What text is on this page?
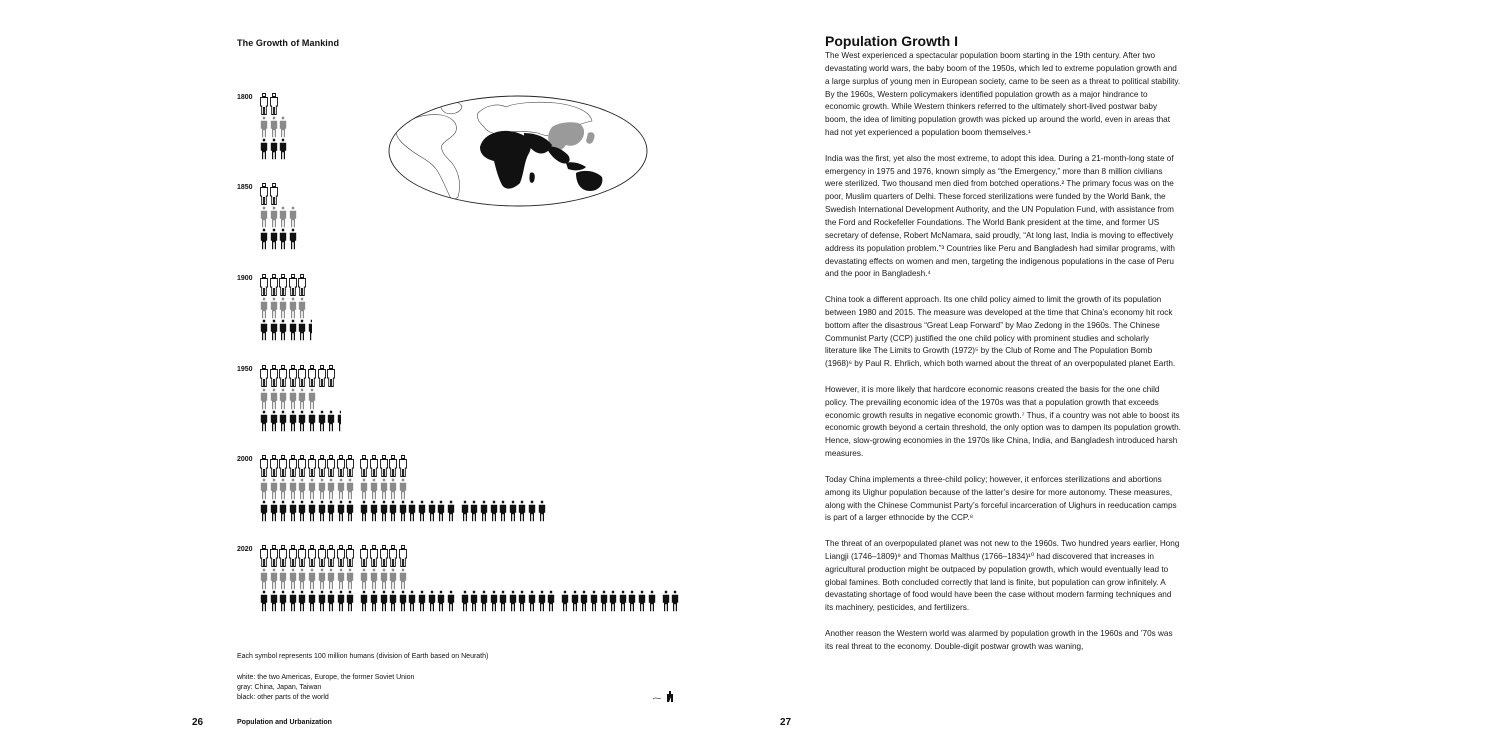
The Growth of Mankind
1800
1850
1900
1950
2000
2020
Each symbol represents 100 million humans (division of Earth based on Neurath)
white: the two Americas, Europe, the former Soviet Union
gray: China, Japan, Taiwan
black: other parts of the world
26	Population and Urbanization	27
Population Growth I

The West experienced a spectacular population boom starting in the 19th century. After two devastating world wars, the baby boom of the 1950s, which led to extreme population growth and a large surplus of young men in European society, came to be seen as a threat to political stability. By the 1960s, Western policymakers identified population growth as a major hindrance to economic growth. While Western thinkers referred to the ultimately short-lived postwar baby boom, the idea of limiting population growth was picked up around the world, even in areas that had not yet experienced a population boom themselves.¹

India was the first, yet also the most extreme, to adopt this idea. During a 21-month-long state of emergency in 1975 and 1976, known simply as “the Emergency,” more than 8 million civilians were sterilized. Two thousand men died from botched operations.² The primary focus was on the poor, Muslim quarters of Delhi. These forced sterilizations were funded by the World Bank, the Swedish International Development Authority, and the UN Population Fund, with assistance from the Ford and Rockefeller Foundations. The World Bank president at the time, and former US secretary of defense, Robert McNamara, said proudly, “At long last, India is moving to effectively address its population problem.”³ Countries like Peru and Bangladesh had similar programs, with devastating effects on women and men, targeting the indigenous populations in the case of Peru and the poor in Bangladesh.⁴

China took a different approach. Its one child policy aimed to limit the growth of its population between 1980 and 2015. The measure was developed at the time that China’s economy hit rock bottom after the disastrous “Great Leap Forward” by Mao Zedong in the 1960s. The Chinese Communist Party (CCP) justified the one child policy with prominent studies and scholarly literature like The Limits to Growth (1972)⁵ by the Club of Rome and The Population Bomb (1968)⁶ by Paul R. Ehrlich, which both warned about the threat of an overpopulated planet Earth.

However, it is more likely that hardcore economic reasons created the basis for the one child policy. The prevailing economic idea of the 1970s was that a population growth that exceeds economic growth results in negative economic growth.⁷ Thus, if a country was not able to boost its economic growth beyond a certain threshold, the only option was to dampen its population growth. Hence, slow-growing economies in the 1970s like China, India, and Bangladesh introduced harsh measures.

Today China implements a three-child policy; however, it enforces sterilizations and abortions among its Uighur population because of the latter’s desire for more autonomy. These measures, along with the Chinese Communist Party’s forceful incarceration of Uighurs in reeducation camps is part of a larger ethnocide by the CCP.⁸

The threat of an overpopulated planet was not new to the 1960s. Two hundred years earlier, Hong Liangji (1746–1809)⁹ and Thomas Malthus (1766–1834)¹⁰ had discovered that increases in agricultural production might be outpaced by population growth, which would eventually lead to global famines. Both concluded correctly that land is finite, but population can grow infinitely. A devastating shortage of food would have been the case without modern farming techniques and its machinery, pesticides, and fertilizers.

Another reason the Western world was alarmed by population growth in the 1960s and ’70s was its real threat to the economy. Double-digit postwar growth was waning,
